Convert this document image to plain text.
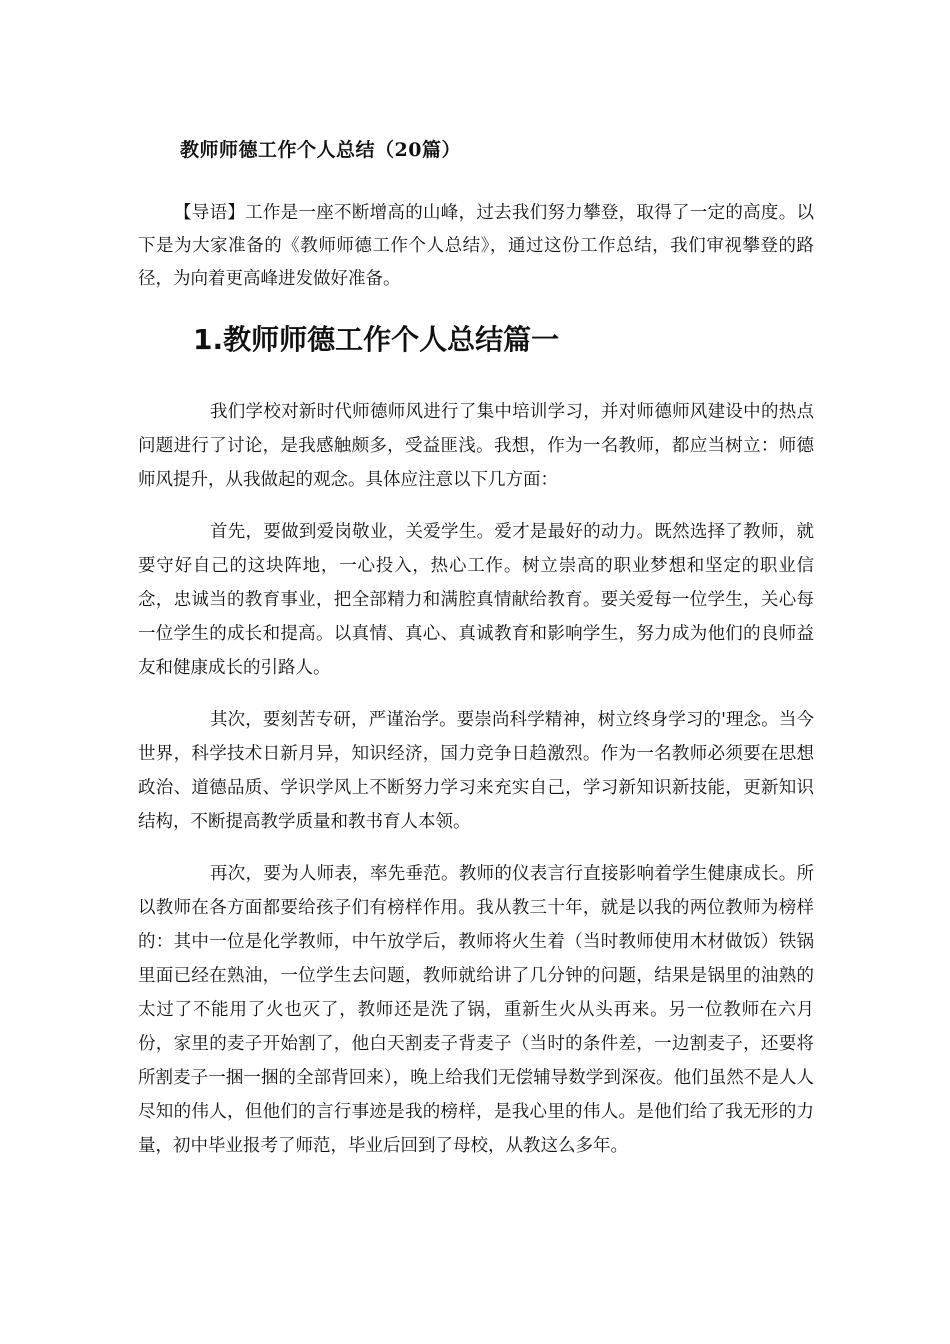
教师师德工作个人总结（20篇）

【导语】工作是一座不断增高的山峰，过去我们努力攀登，取得了一定的高度。以下是为大家准备的《教师师德工作个人总结》，通过这份工作总结，我们审视攀登的路径，为向着更高峰进发做好准备。

1.教师师德工作个人总结篇一

我们学校对新时代师德师风进行了集中培训学习，并对师德师风建设中的热点问题进行了讨论，是我感触颇多，受益匪浅。我想，作为一名教师，都应当树立：师德师风提升，从我做起的观念。具体应注意以下几方面：

首先，要做到爱岗敬业，关爱学生。爱才是最好的动力。既然选择了教师，就要守好自己的这块阵地，一心投入，热心工作。树立崇高的职业梦想和坚定的职业信念，忠诚当的教育事业，把全部精力和满腔真情献给教育。要关爱每一位学生，关心每一位学生的成长和提高。以真情、真心、真诚教育和影响学生，努力成为他们的良师益友和健康成长的引路人。

其次，要刻苦专研，严谨治学。要崇尚科学精神，树立终身学习的'理念。当今世界，科学技术日新月异，知识经济，国力竞争日趋激烈。作为一名教师必须要在思想政治、道德品质、学识学风上不断努力学习来充实自己，学习新知识新技能，更新知识结构，不断提高教学质量和教书育人本领。

再次，要为人师表，率先垂范。教师的仪表言行直接影响着学生健康成长。所以教师在各方面都要给孩子们有榜样作用。我从教三十年，就是以我的两位教师为榜样的：其中一位是化学教师，中午放学后，教师将火生着（当时教师使用木材做饭）铁锅里面已经在熟油，一位学生去问题，教师就给讲了几分钟的问题，结果是锅里的油熟的太过了不能用了火也灭了，教师还是洗了锅，重新生火从头再来。另一位教师在六月份，家里的麦子开始割了，他白天割麦子背麦子（当时的条件差，一边割麦子，还要将所割麦子一捆一捆的全部背回来），晚上给我们无偿辅导数学到深夜。他们虽然不是人人尽知的伟人，但他们的言行事迹是我的榜样，是我心里的伟人。是他们给了我无形的力量，初中毕业报考了师范，毕业后回到了母校，从教这么多年。
